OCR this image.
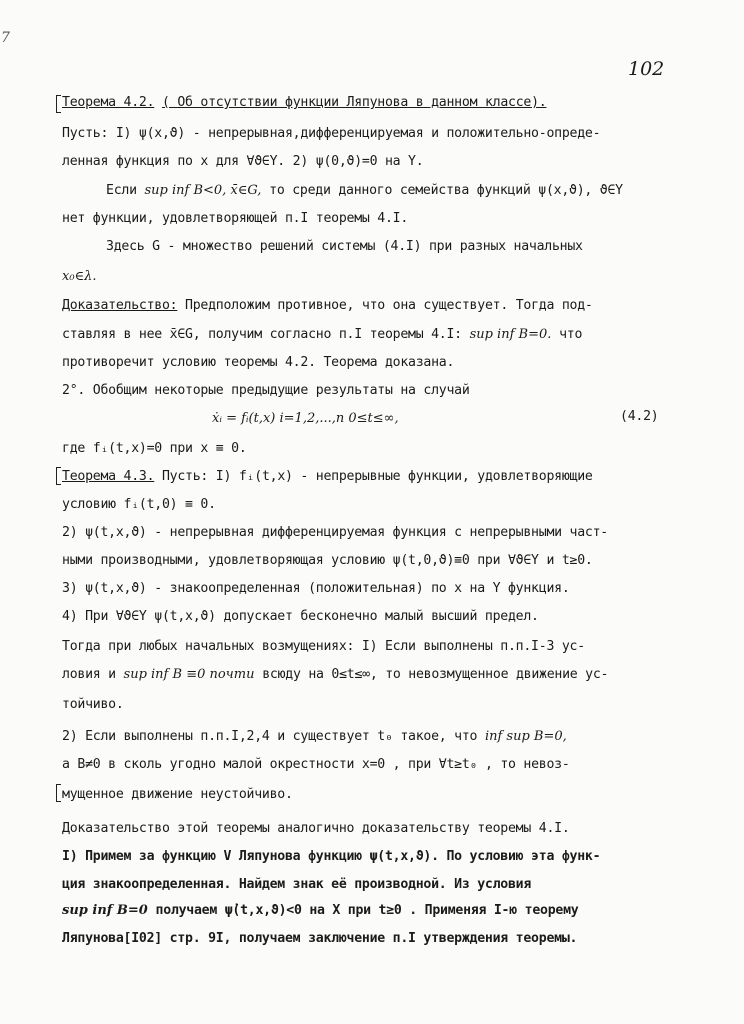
7
102
Теорема 4.2. ( Об отсутствии функции Ляпунова в данном классе).
Пусть: I) ψ(x,ϑ) - непрерывная,дифференцируемая и положительно-опреде-
ленная функция по x для ∀ϑ∈Y. 2) ψ(0,ϑ)=0 на Y.
Если sup inf B<0, x̄∈G, то среди данного семейства функций ψ(x,ϑ), ϑ∈Y
нет функции, удовлетворяющей п.I теоремы 4.I.
Здесь G - множество решений системы (4.I) при разных начальных
x₀∈λ.
Доказательство: Предположим противное, что она существует. Тогда под-
ставляя в нее x̄∈G, получим согласно п.I теоремы 4.I: sup inf B=0. что
противоречит условию теоремы 4.2. Теорема доказана.
2°. Обобщим некоторые предыдущие результаты на случай
ẋᵢ = fᵢ(t,x) i=1,2,...,n 0≤t≤∞,	(4.2)
где fᵢ(t,x)=0 при x ≡ 0.
Теорема 4.3. Пусть: I) fᵢ(t,x) - непрерывные функции, удовлетворяющие
условию fᵢ(t,0) ≡ 0.
2) ψ(t,x,ϑ) - непрерывная дифференцируемая функция с непрерывными част-
ными производными, удовлетворяющая условию ψ(t,0,ϑ)≡0 при ∀ϑ∈Y и t≥0.
3) ψ(t,x,ϑ) - знакоопределенная (положительная) по x на Y функция.
4) При ∀ϑ∈Y ψ(t,x,ϑ) допускает бесконечно малый высший предел.
Тогда при любых начальных возмущениях: I) Если выполнены п.п.I-3 ус-
ловия и sup inf B ≡0 почти всюду на 0≤t≤∞, то невозмущенное движение ус-
тойчиво.
2) Если выполнены п.п.I,2,4 и существует t₀ такое, что inf sup B=0,
а B≠0 в сколь угодно малой окрестности x=0 , при ∀t≥t₀ , то невоз-
мущенное движение неустойчиво.
Доказательство этой теоремы аналогично доказательству теоремы 4.I.
I) Примем за функцию V Ляпунова функцию ψ(t,x,ϑ). По условию эта функ-
ция знакоопределенная. Найдем знак её производной. Из условия
sup inf B=0 получаем ψ̇(t,x,ϑ)<0 на X при t≥0 . Применяя I-ю теорему
Ляпунова[I02] стр. 9I, получаем заключение п.I утверждения теоремы.
